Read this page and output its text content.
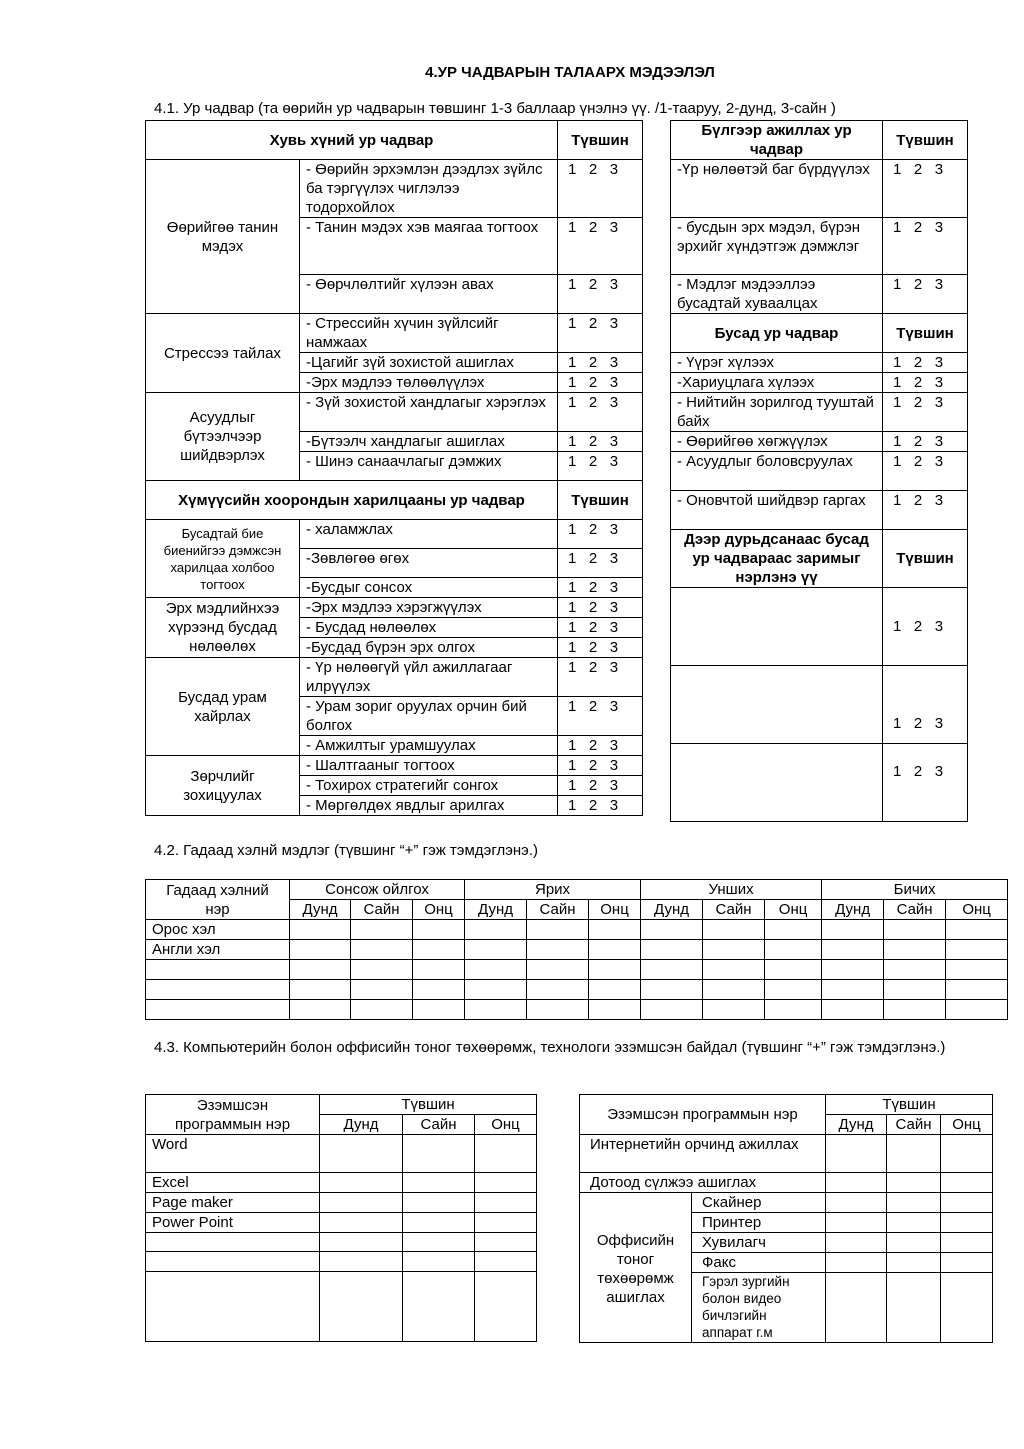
4.УР ЧАДВАРЫН ТАЛААРХ МЭДЭЭЛЭЛ
4.1. Ур чадвар (та өөрийн ур чадварын төвшинг 1-3 баллаар үнэлнэ үү. /1-тааруу, 2-дунд, 3-сайн )
Хувь хүний ур чадвар		Түвшин
Өөрийгөө танин мэдэх	- Өөрийн эрхэмлэн дээдлэх зүйлс ба тэргүүлэх чиглэлээ тодорхойлох	1   2   3
	- Танин мэдэх хэв маягаа тогтоох	1   2   3
	- Өөрчлөлтийг хүлээн авах	1   2   3
Стрессээ тайлах	- Стрессийн хүчин зүйлсийг намжаах	1   2   3
	-Цагийг зүй зохистой ашиглах	1   2   3
	-Эрх мэдлээ төлөөлүүлэх	1   2   3
Асуудлыг бүтээлчээр шийдвэрлэх	- Зүй зохистой хандлагыг хэрэглэх	1   2   3
	-Бүтээлч хандлагыг ашиглах	1   2   3
	- Шинэ санаачлагыг дэмжих	1   2   3
Хүмүүсийн хоорондын харилцааны ур чадвар		Түвшин
Бусадтай бие биенийгээ дэмжсэн харилцаа холбоо тогтоох	- халамжлах	1   2   3
	-Зөвлөгөө өгөх	1   2   3
	-Бусдыг сонсох	1   2   3
Эрх мэдлийнхээ хүрээнд бусдад нөлөөлөх	-Эрх мэдлээ хэрэгжүүлэх	1   2   3
	- Бусдад нөлөөлөх	1   2   3
	-Бусдад бүрэн эрх олгох	1   2   3
Бусдад урам хайрлах	- Үр нөлөөгүй үйл ажиллагааг илрүүлэх	1   2   3
	- Урам зориг оруулах орчин бий болгох	1   2   3
	- Амжилтыг урамшуулах	1   2   3
Зөрчлийг зохицуулах	- Шалтгааныг тогтоох	1   2   3
	- Тохирох стратегийг сонгох	1   2   3
	- Мөргөлдөх явдлыг арилгах	1   2   3
Бүлгээр ажиллах ур чадвар	Түвшин
-Үр нөлөөтэй баг бүрдүүлэх	1   2   3
- бусдын эрх мэдэл, бүрэн эрхийг хүндэтгэж дэмжлэг	1   2   3
- Мэдлэг мэдээллээ бусадтай хуваалцах	1   2   3
Бусад ур чадвар	Түвшин
- Үүрэг хүлээх	1   2   3
-Хариуцлага хүлээх	1   2   3
- Нийтийн зорилгод тууштай байх	1   2   3
- Өөрийгөө хөгжүүлэх	1   2   3
- Асуудлыг боловсруулах	1   2   3
- Оновчтой шийдвэр гаргах	1   2   3
Дээр дурьдсанаас бусад ур чадвараас заримыг нэрлэнэ үү	Түвшин
	1   2   3
	1   2   3
	1   2   3
4.2. Гадаад хэлнй мэдлэг (түвшинг “+” гэж тэмдэглэнэ.)
Гадаад хэлний нэр	Сонсож ойлгох			Ярих			Унших			Бичих		
	Дунд	Сайн	Онц	Дунд	Сайн	Онц	Дунд	Сайн	Онц	Дунд	Сайн	Онц
Орос хэл												
Англи хэл												

4.3. Компьютерийн болон оффисийн тоног төхөөрөмж, технологи эзэмшсэн байдал (түвшинг “+” гэж тэмдэглэнэ.)
Эзэмшсэн программын нэр	Түвшин		
	Дунд	Сайн	Онц
Word			
Excel			
Page maker			
Power Point			

Эзэмшсэн программын нэр		Түвшин		
		Дунд	Сайн	Онц
Интернетийн орчинд ажиллах				
Дотоод сүлжээ ашиглах				
Оффисийн тоног төхөөрөмж ашиглах	Скайнер			
	Принтер			
	Хувилагч			
	Факс			
	Гэрэл зургийн болон видео бичлэгийн аппарат г.м			
